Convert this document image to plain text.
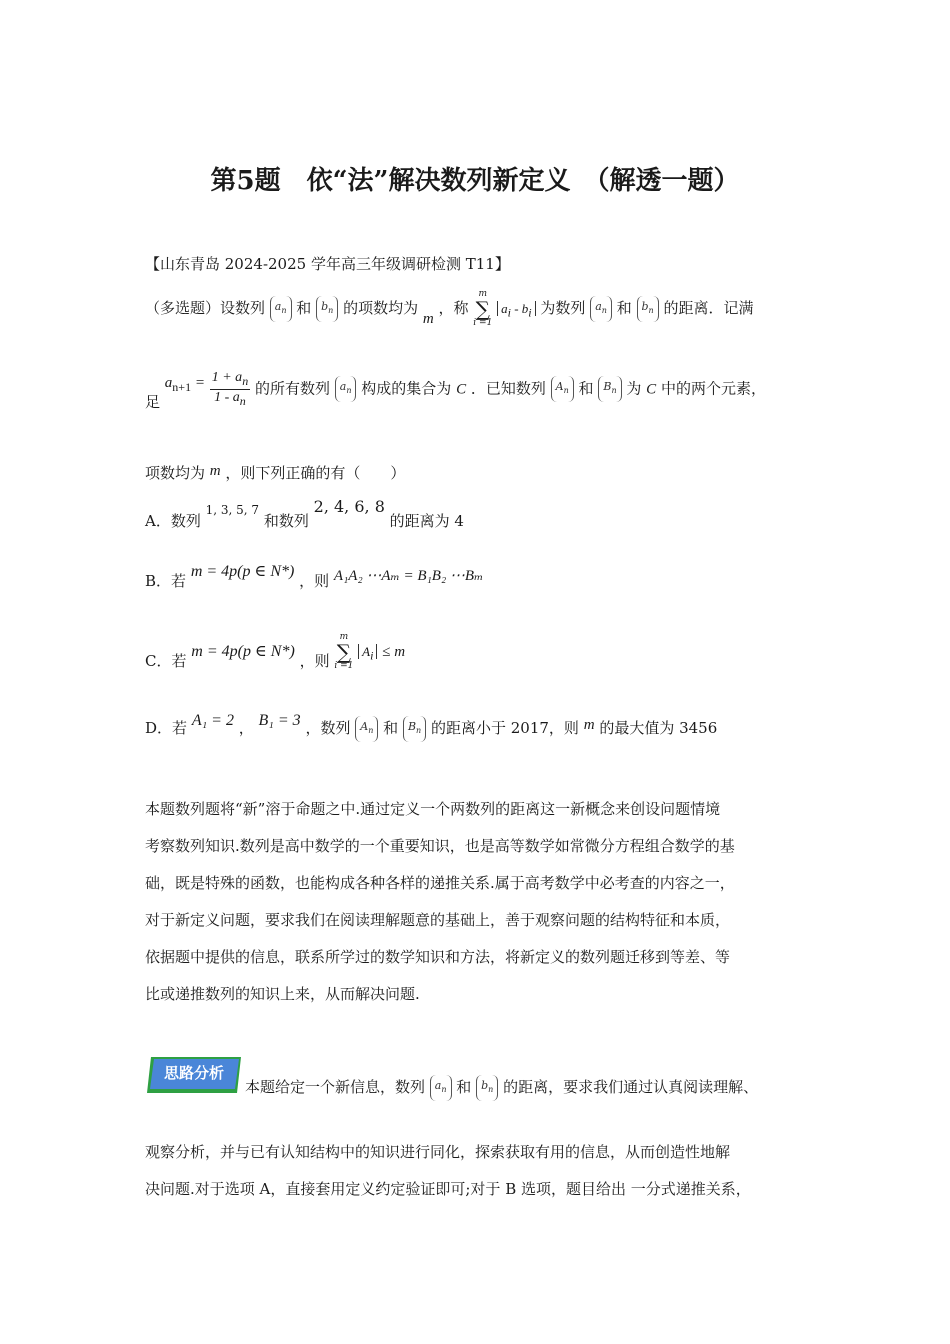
第5题　依“法”解决数列新定义　（解透一题）
【山东青岛 2024-2025 学年高三年级调研检测 T11】
（多选题）设数列 $a_n$ 和 $b_n$ 的项数均为 m ，称
m
∑
i =1
$a_i - b_i$ 为数列 $a_n$ 和 $b_n$ 的距离．记满
足 $a_{n+1} = \frac{1 + a_n}{1 - a_n}$ 的所有数列 $a_n$ 构成的集合为 C ．已知数列 $A_n$ 和 $B_n$ 为 C 中的两个元素，
项数均为 m ，则下列正确的有（　　）
A．数列 $^{1, 3, 5, 7}$ 和数列 2, 4, 6, 8 的距离为 4
B．若 m = 4p(p ∈ N*) ，则 A₁A₂ ⋯Aₘ = B₁B₂ ⋯Bₘ
C．若 m = 4p(p ∈ N*) ，则
m
∑
i =1
$A_i \le m$
D．若 A₁ = 2 ， B₁ = 3 ，数列 $A_n$ 和 $B_n$ 的距离小于 2017，则 m 的最大值为 3456
本题数列题将“新”溶于命题之中.通过定义一个两数列的距离这一新概念来创设问题情境
考察数列知识.数列是高中数学的一个重要知识，也是高等数学如常微分方程组合数学的基
础，既是特殊的函数，也能构成各种各样的递推关系.属于高考数学中必考查的内容之一，
对于新定义问题，要求我们在阅读理解题意的基础上，善于观察问题的结构特征和本质，
依据题中提供的信息，联系所学过的数学知识和方法，将新定义的数列题迁移到等差、等
比或递推数列的知识上来，从而解决问题.
思路分析
本题给定一个新信息，数列 $a_n$ 和 $b_n$ 的距离，要求我们通过认真阅读理解、
观察分析，并与已有认知结构中的知识进行同化，探索获取有用的信息，从而创造性地解
决问题.对于选项 A，直接套用定义约定验证即可;对于 B 选项，题目给出 一分式递推关系，
